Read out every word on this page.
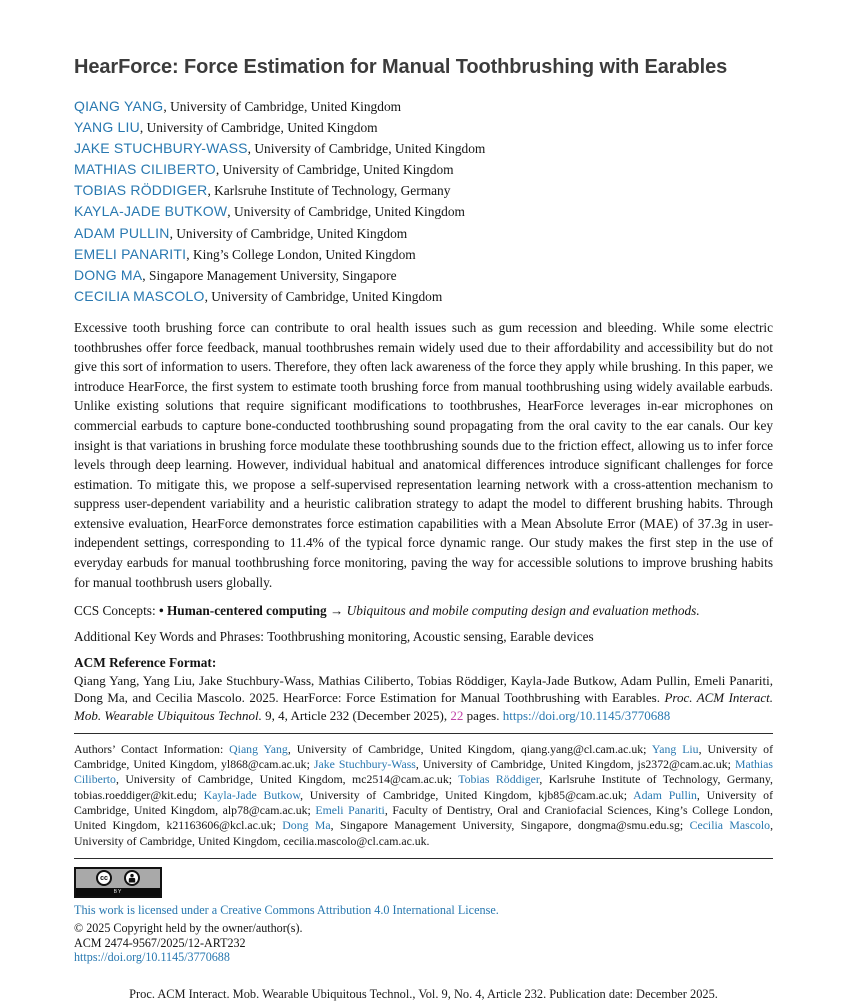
HearForce: Force Estimation for Manual Toothbrushing with Earables
QIANG YANG, University of Cambridge, United Kingdom
YANG LIU, University of Cambridge, United Kingdom
JAKE STUCHBURY-WASS, University of Cambridge, United Kingdom
MATHIAS CILIBERTO, University of Cambridge, United Kingdom
TOBIAS RÖDDIGER, Karlsruhe Institute of Technology, Germany
KAYLA-JADE BUTKOW, University of Cambridge, United Kingdom
ADAM PULLIN, University of Cambridge, United Kingdom
EMELI PANARITI, King’s College London, United Kingdom
DONG MA, Singapore Management University, Singapore
CECILIA MASCOLO, University of Cambridge, United Kingdom

Excessive tooth brushing force can contribute to oral health issues such as gum recession and bleeding. While some electric toothbrushes offer force feedback, manual toothbrushes remain widely used due to their affordability and accessibility but do not give this sort of information to users. Therefore, they often lack awareness of the force they apply while brushing. In this paper, we introduce HearForce, the first system to estimate tooth brushing force from manual toothbrushing using widely available earbuds. Unlike existing solutions that require significant modifications to toothbrushes, HearForce leverages in-ear microphones on commercial earbuds to capture bone-conducted toothbrushing sound propagating from the oral cavity to the ear canals. Our key insight is that variations in brushing force modulate these toothbrushing sounds due to the friction effect, allowing us to infer force levels through deep learning. However, individual habitual and anatomical differences introduce significant challenges for force estimation. To mitigate this, we propose a self-supervised representation learning network with a cross-attention mechanism to suppress user-dependent variability and a heuristic calibration strategy to adapt the model to different brushing habits. Through extensive evaluation, HearForce demonstrates force estimation capabilities with a Mean Absolute Error (MAE) of 37.3g in user-independent settings, corresponding to 11.4% of the typical force dynamic range. Our study makes the first step in the use of everyday earbuds for manual toothbrushing force monitoring, paving the way for accessible solutions to improve brushing habits for manual toothbrush users globally.

CCS Concepts: • Human-centered computing → Ubiquitous and mobile computing design and evaluation methods.

Additional Key Words and Phrases: Toothbrushing monitoring, Acoustic sensing, Earable devices

ACM Reference Format:

Qiang Yang, Yang Liu, Jake Stuchbury-Wass, Mathias Ciliberto, Tobias Röddiger, Kayla-Jade Butkow, Adam Pullin, Emeli Panariti, Dong Ma, and Cecilia Mascolo. 2025. HearForce: Force Estimation for Manual Toothbrushing with Earables. Proc. ACM Interact. Mob. Wearable Ubiquitous Technol. 9, 4, Article 232 (December 2025), 22 pages. https://doi.org/10.1145/3770688

Authors’ Contact Information: Qiang Yang, University of Cambridge, United Kingdom, qiang.yang@cl.cam.ac.uk; Yang Liu, University of Cambridge, United Kingdom, yl868@cam.ac.uk; Jake Stuchbury-Wass, University of Cambridge, United Kingdom, js2372@cam.ac.uk; Mathias Ciliberto, University of Cambridge, United Kingdom, mc2514@cam.ac.uk; Tobias Röddiger, Karlsruhe Institute of Technology, Germany, tobias.roeddiger@kit.edu; Kayla-Jade Butkow, University of Cambridge, United Kingdom, kjb85@cam.ac.uk; Adam Pullin, University of Cambridge, United Kingdom, alp78@cam.ac.uk; Emeli Panariti, Faculty of Dentistry, Oral and Craniofacial Sciences, King’s College London, United Kingdom, k21163606@kcl.ac.uk; Dong Ma, Singapore Management University, Singapore, dongma@smu.edu.sg; Cecilia Mascolo, University of Cambridge, United Kingdom, cecilia.mascolo@cl.cam.ac.uk.

cc
BY

This work is licensed under a Creative Commons Attribution 4.0 International License.

© 2025 Copyright held by the owner/author(s).

ACM 2474-9567/2025/12-ART232

https://doi.org/10.1145/3770688

Proc. ACM Interact. Mob. Wearable Ubiquitous Technol., Vol. 9, No. 4, Article 232. Publication date: December 2025.
